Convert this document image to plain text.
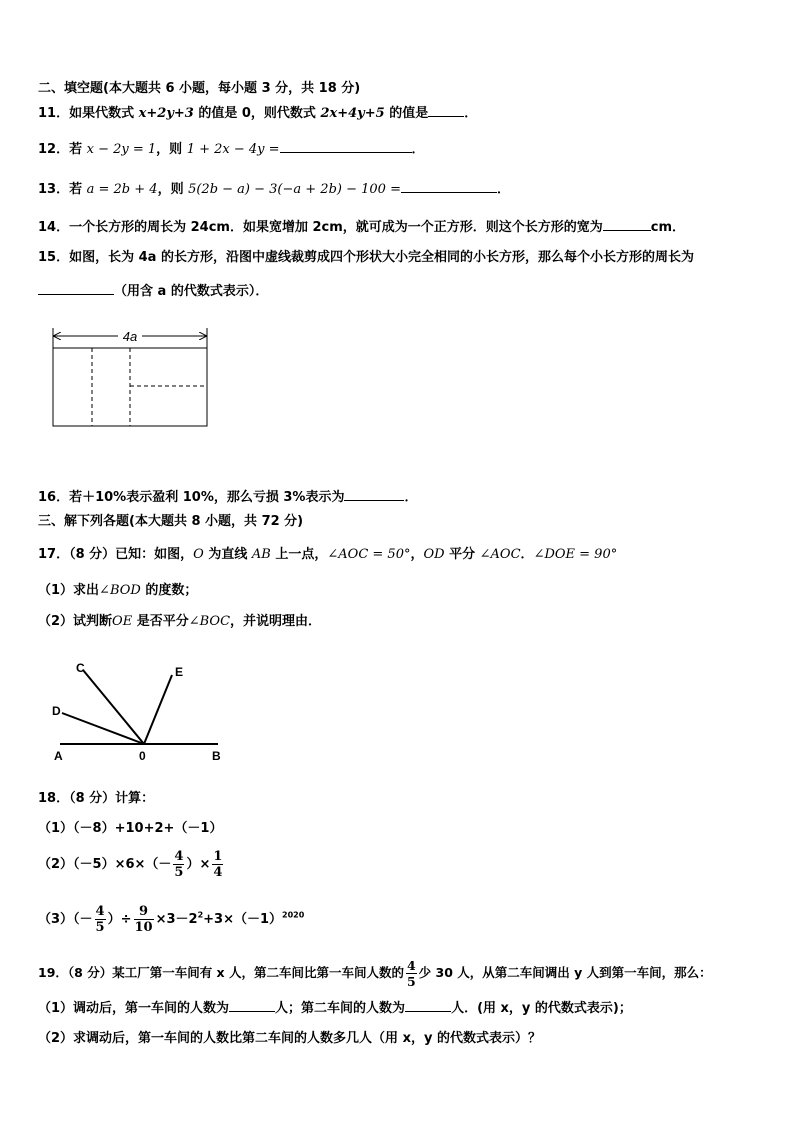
二、填空题(本大题共 6 小题，每小题 3 分，共 18 分)
11．如果代数式 x+2y+3 的值是 0，则代数式 2x+4y+5 的值是	．
12．若 x − 2y = 1，则 1 + 2x − 4y =	．
13．若 a = 2b + 4，则 5(2b − a) − 3(−a + 2b) − 100 =	．
14．一个长方形的周长为 24cm．如果宽增加 2cm，就可成为一个正方形．则这个长方形的宽为	cm．
15．如图，长为 4a 的长方形，沿图中虚线裁剪成四个形状大小完全相同的小长方形，那么每个小长方形的周长为
（用含 a 的代数式表示）．
4a
16．若＋10%表示盈利 10%，那么亏损 3%表示为	．
三、解下列各题(本大题共 8 小题，共 72 分)
17．（8 分）已知：如图，O 为直线 AB 上一点，∠AOC = 50°，OD 平分 ∠AOC．∠DOE = 90°
（1）求出∠BOD 的度数；
（2）试判断OE 是否平分∠BOC，并说明理由．
C
D
E
A	0	B
18．（8 分）计算：
（1）（－8）+10+2+（－1）
$(2)(-5)\times 6\times(- \frac{4}{5}$ ）× $\frac{1}{4}$
$(3)(- \frac{4}{5}$ ）÷ $\frac{9}{10} \times 3-2^2+3\times(-1)^{2020}$
19．（8 分）某工厂第一车间有 x 人，第二车间比第一车间人数的 $\frac{4}{5}$ 少 30 人，从第二车间调出 y 人到第一车间，那么：
（1）调动后，第一车间的人数为	人；第二车间的人数为	人．(用 x，y 的代数式表示)；
（2）求调动后，第一车间的人数比第二车间的人数多几人（用 x，y 的代数式表示）？
